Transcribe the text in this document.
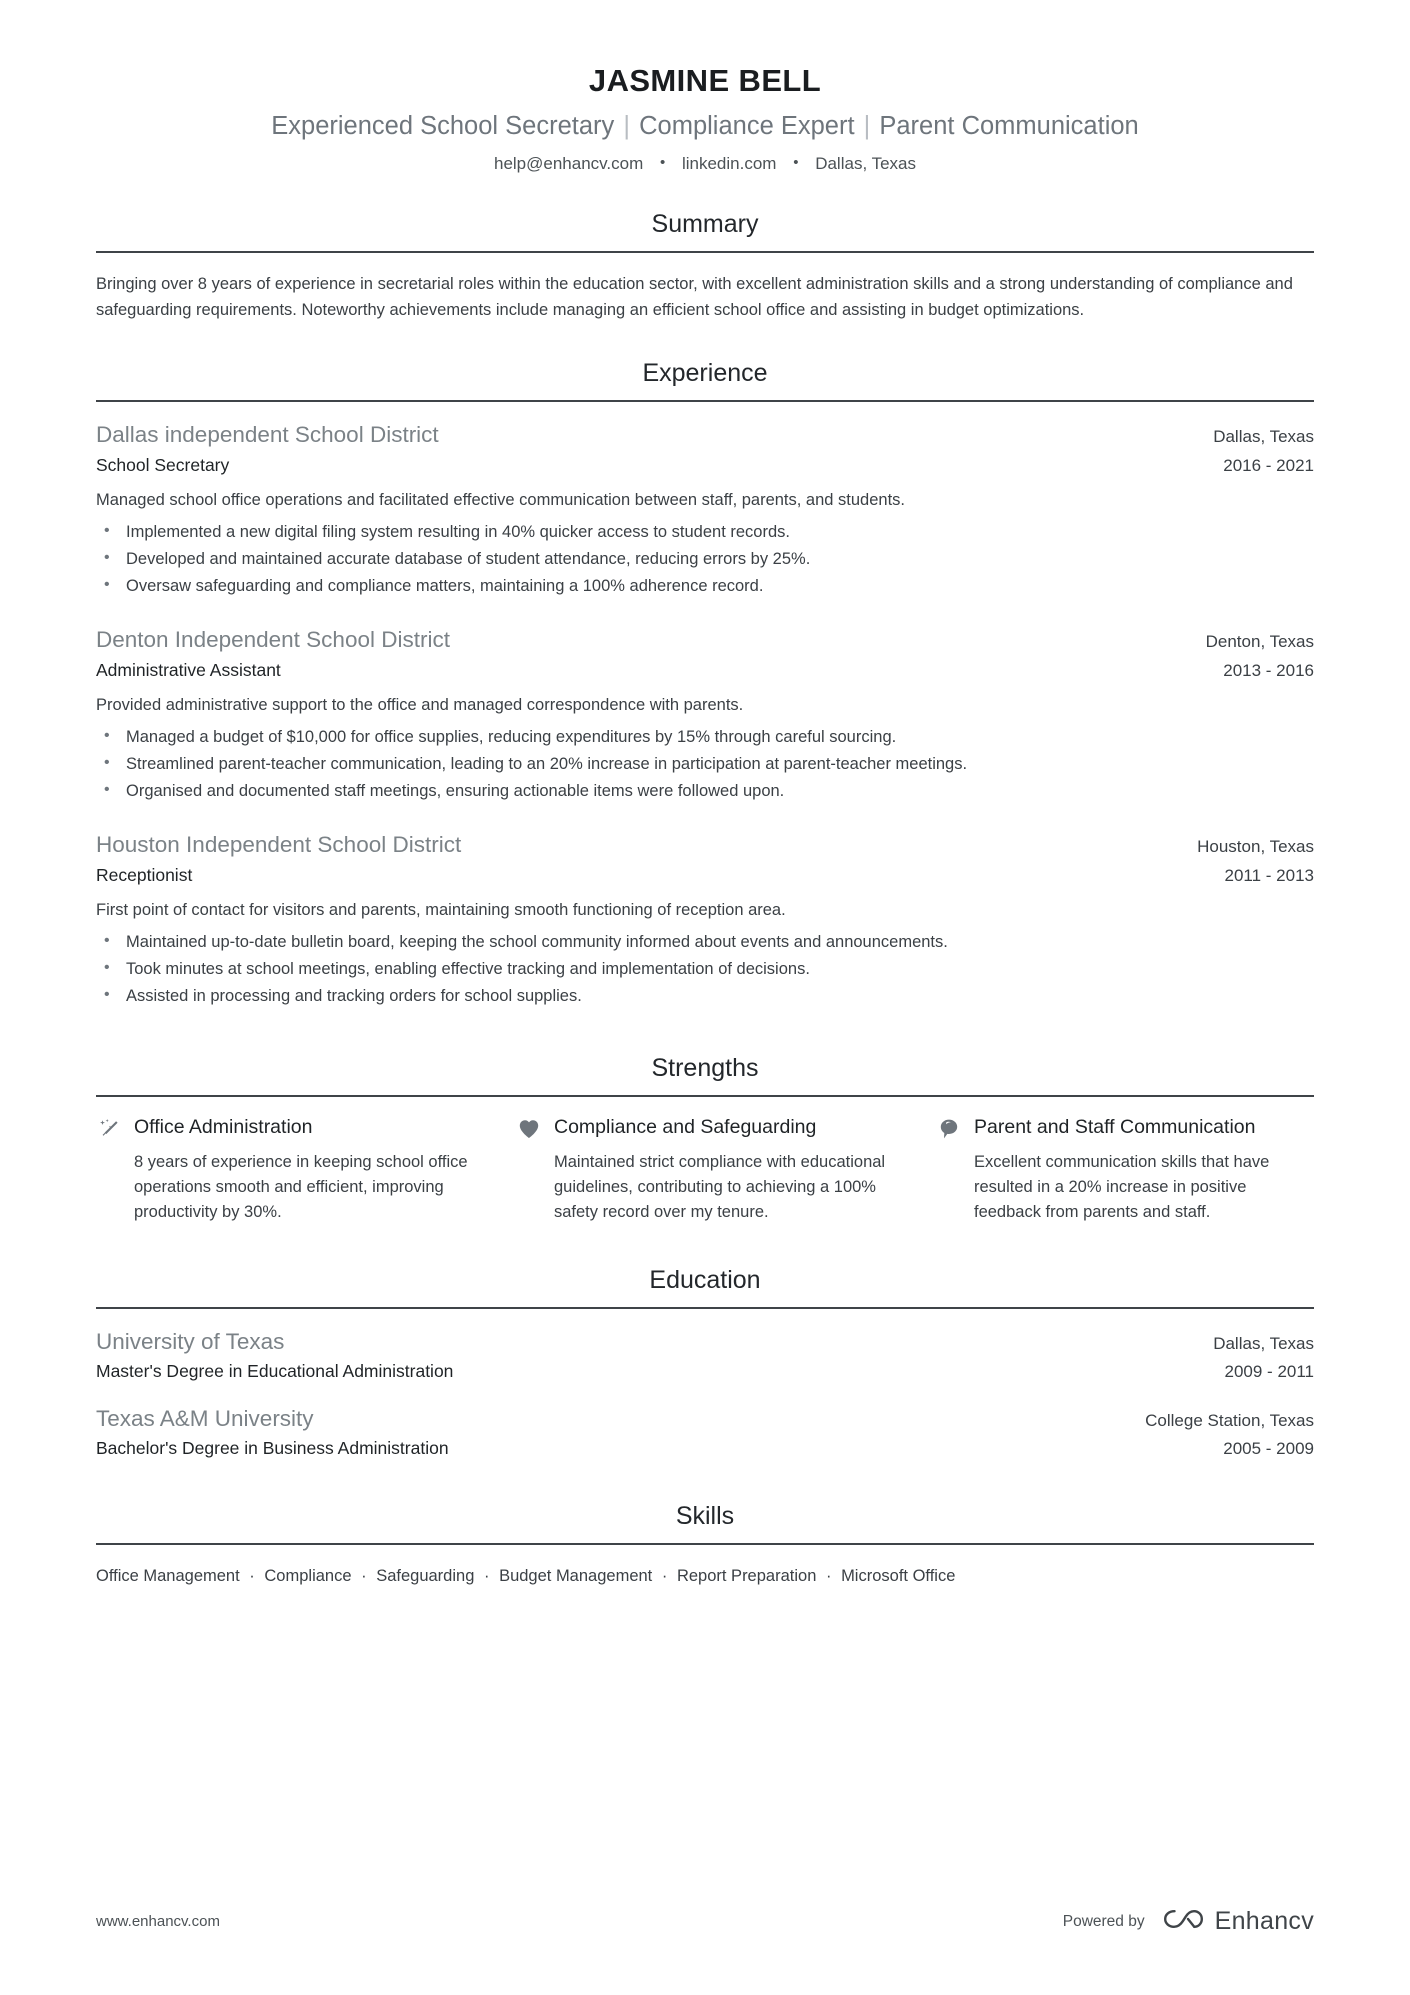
JASMINE BELL
Experienced School Secretary | Compliance Expert | Parent Communication
help@enhancv.com • linkedin.com • Dallas, Texas
Summary

Bringing over 8 years of experience in secretarial roles within the education sector, with excellent administration skills and a strong understanding of compliance and safeguarding requirements. Noteworthy achievements include managing an efficient school office and assisting in budget optimizations.

Experience
Dallas independent School District	Dallas, Texas
School Secretary	2016 - 2021
Managed school office operations and facilitated effective communication between staff, parents, and students.
• Implemented a new digital filing system resulting in 40% quicker access to student records.
• Developed and maintained accurate database of student attendance, reducing errors by 25%.
• Oversaw safeguarding and compliance matters, maintaining a 100% adherence record.
Denton Independent School District	Denton, Texas
Administrative Assistant	2013 - 2016
Provided administrative support to the office and managed correspondence with parents.
• Managed a budget of $10,000 for office supplies, reducing expenditures by 15% through careful sourcing.
• Streamlined parent-teacher communication, leading to an 20% increase in participation at parent-teacher meetings.
• Organised and documented staff meetings, ensuring actionable items were followed upon.
Houston Independent School District	Houston, Texas
Receptionist	2011 - 2013
First point of contact for visitors and parents, maintaining smooth functioning of reception area.
• Maintained up-to-date bulletin board, keeping the school community informed about events and announcements.
• Took minutes at school meetings, enabling effective tracking and implementation of decisions.
• Assisted in processing and tracking orders for school supplies.
Strengths
Office Administration
8 years of experience in keeping school office operations smooth and efficient, improving productivity by 30%.
Compliance and Safeguarding
Maintained strict compliance with educational guidelines, contributing to achieving a 100% safety record over my tenure.
Parent and Staff Communication
Excellent communication skills that have resulted in a 20% increase in positive feedback from parents and staff.
Education
University of Texas	Dallas, Texas
Master's Degree in Educational Administration	2009 - 2011
Texas A&M University	College Station, Texas
Bachelor's Degree in Business Administration	2005 - 2009
Skills
Office Management · Compliance · Safeguarding · Budget Management · Report Preparation · Microsoft Office
www.enhancv.com	Powered by	Enhancv
